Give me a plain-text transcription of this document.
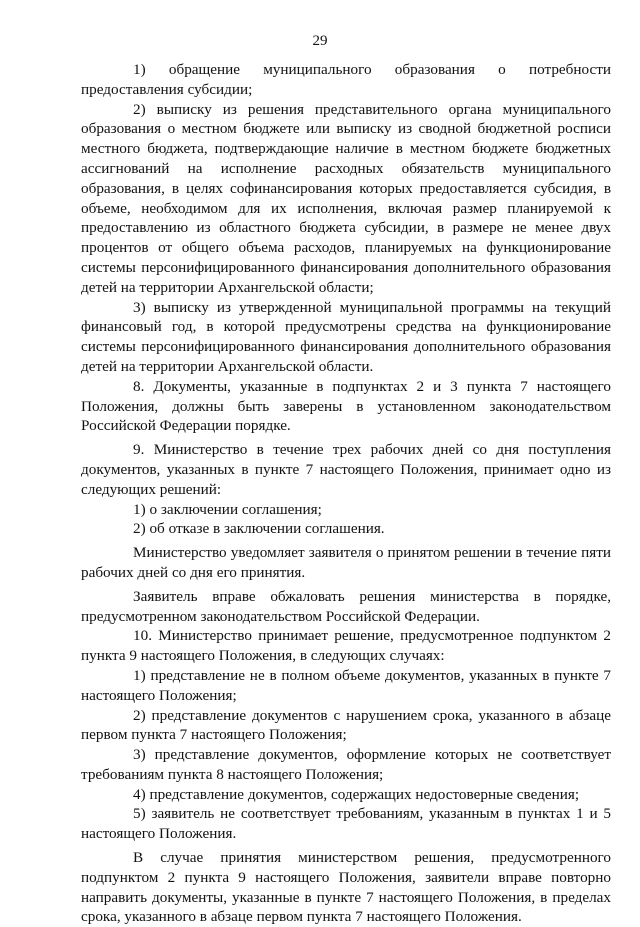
29

1) обращение муниципального образования о потребности предоставления субсидии;

2) выписку из решения представительного органа муниципального образования о местном бюджете или выписку из сводной бюджетной росписи местного бюджета, подтверждающие наличие в местном бюджете бюджетных ассигнований на исполнение расходных обязательств муниципального образования, в целях софинансирования которых предоставляется субсидия, в объеме, необходимом для их исполнения, включая размер планируемой к предоставлению из областного бюджета субсидии, в размере не менее двух процентов от общего объема расходов, планируемых на функционирование системы персонифицированного финансирования дополнительного образования детей на территории Архангельской области;

3) выписку из утвержденной муниципальной программы на текущий финансовый год, в которой предусмотрены средства на функционирование системы персонифицированного финансирования дополнительного образования детей на территории Архангельской области.

8. Документы, указанные в подпунктах 2 и 3 пункта 7 настоящего Положения, должны быть заверены в установленном законодательством Российской Федерации порядке.

9. Министерство в течение трех рабочих дней со дня поступления документов, указанных в пункте 7 настоящего Положения, принимает одно из следующих решений:

1) о заключении соглашения;

2) об отказе в заключении соглашения.

Министерство уведомляет заявителя о принятом решении в течение пяти рабочих дней со дня его принятия.

Заявитель вправе обжаловать решения министерства в порядке, предусмотренном законодательством Российской Федерации.

10. Министерство принимает решение, предусмотренное подпунктом 2 пункта 9 настоящего Положения, в следующих случаях:

1) представление не в полном объеме документов, указанных в пункте 7 настоящего Положения;

2) представление документов с нарушением срока, указанного в абзаце первом пункта 7 настоящего Положения;

3) представление документов, оформление которых не соответствует требованиям пункта 8 настоящего Положения;

4) представление документов, содержащих недостоверные сведения;

5) заявитель не соответствует требованиям, указанным в пунктах 1 и 5 настоящего Положения.

В случае принятия министерством решения, предусмотренного подпунктом 2 пункта 9 настоящего Положения, заявители вправе повторно направить документы, указанные в пункте 7 настоящего Положения, в пределах срока, указанного в абзаце первом пункта 7 настоящего Положения.
